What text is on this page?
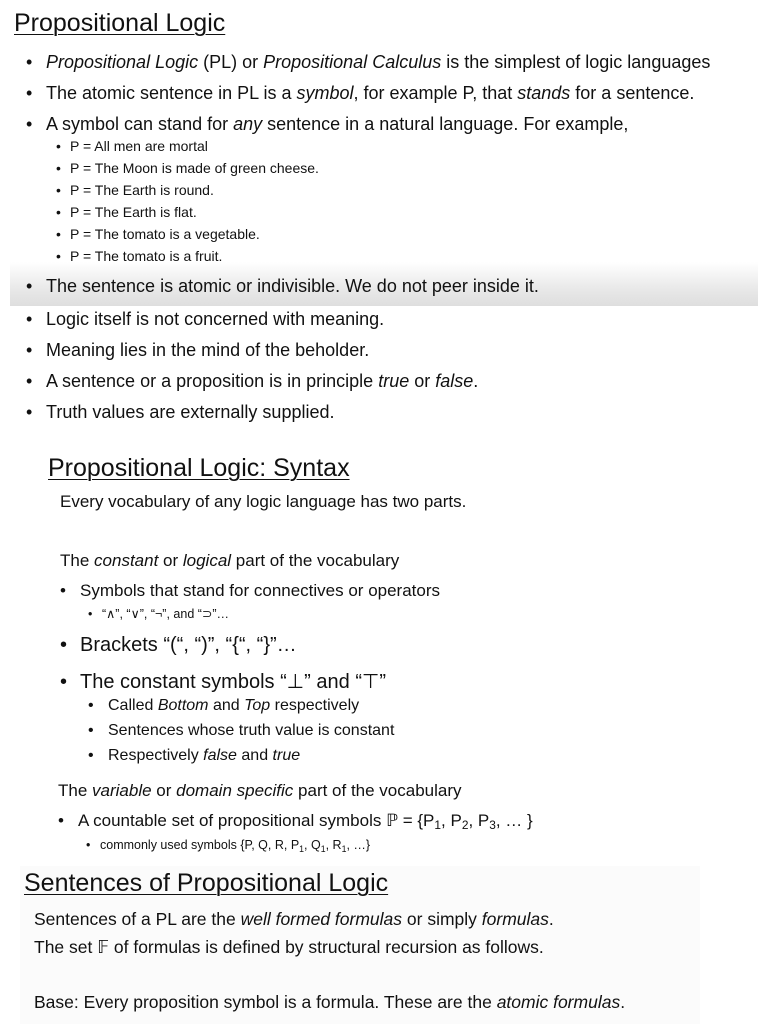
Propositional Logic
• Propositional Logic (PL) or Propositional Calculus is the simplest of logic languages
• The atomic sentence in PL is a symbol, for example P, that stands for a sentence.
• A symbol can stand for any sentence in a natural language. For example,
• P = All men are mortal
• P = The Moon is made of green cheese.
• P = The Earth is round.
• P = The Earth is flat.
• P = The tomato is a vegetable.
• P = The tomato is a fruit.
• The sentence is atomic or indivisible. We do not peer inside it.
• Logic itself is not concerned with meaning.
• Meaning lies in the mind of the beholder.
• A sentence or a proposition is in principle true or false.
• Truth values are externally supplied.
Propositional Logic: Syntax
Every vocabulary of any logic language has two parts.
The constant or logical part of the vocabulary
• Symbols that stand for connectives or operators
• “∧”, “∨”, “¬”, and “⊃”…
• Brackets “(“, “)”, “{“, “}”…
• The constant symbols “⊥” and “⊤”
• Called Bottom and Top respectively
• Sentences whose truth value is constant
• Respectively false and true
The variable or domain specific part of the vocabulary
• A countable set of propositional symbols ℙ = {$P_1$, $P_2$, $P_3$, … }
• commonly used symbols {P, Q, R, $P_1$, $Q_1$, $R_1$, …}
Sentences of Propositional Logic
Sentences of a PL are the well formed formulas or simply formulas.
The set 𝔽 of formulas is defined by structural recursion as follows.
Base: Every proposition symbol is a formula. These are the atomic formulas.
